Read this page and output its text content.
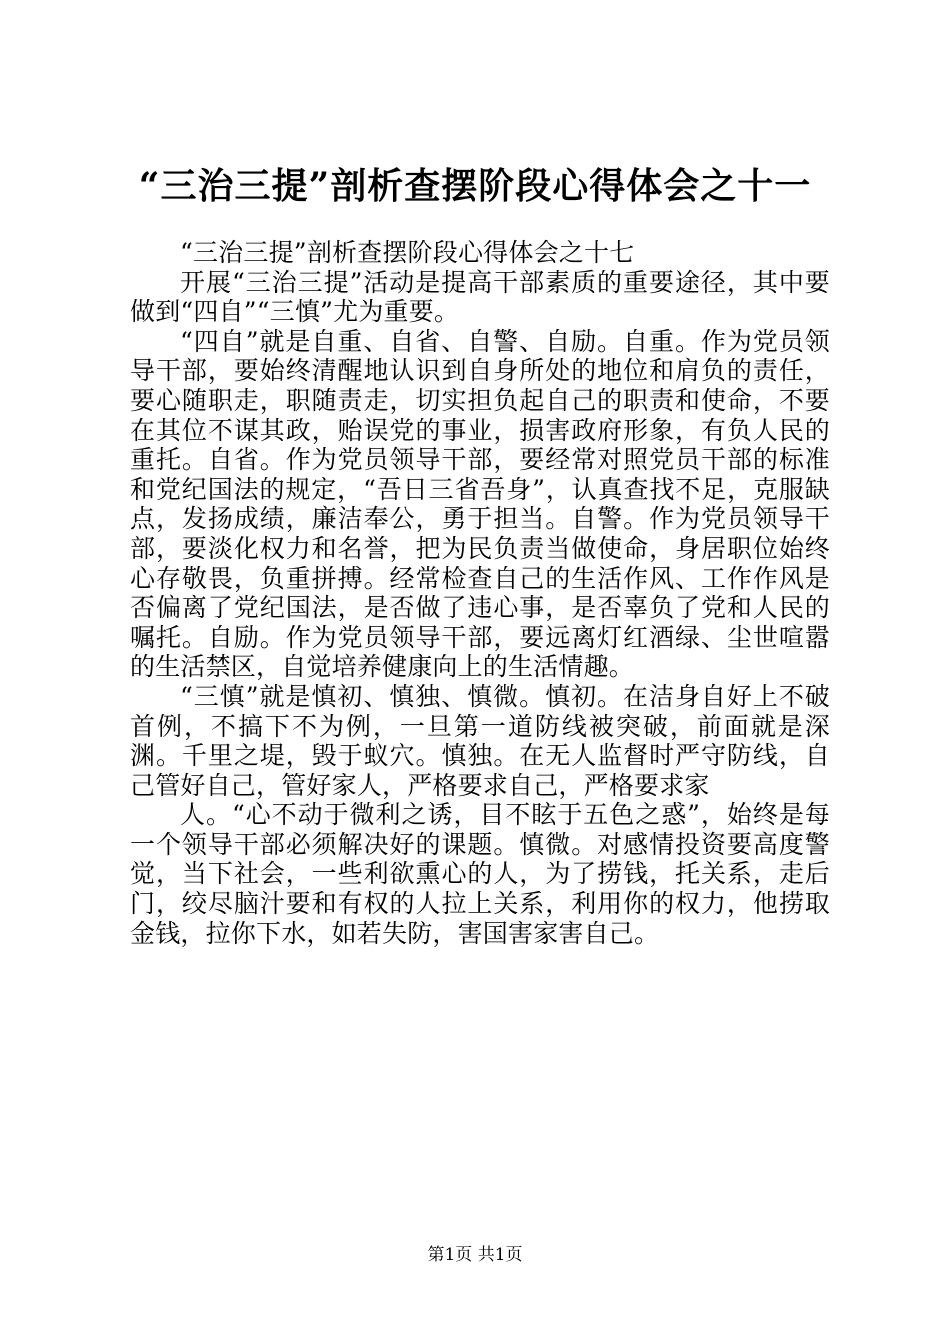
“三治三提”剖析查摆阶段心得体会之十一

“三治三提”剖析查摆阶段心得体会之十七

开展“三治三提”活动是提高干部素质的重要途径，其中要做到“四自”“三慎”尤为重要。

“四自”就是自重、自省、自警、自励。自重。作为党员领导干部，要始终清醒地认识到自身所处的地位和肩负的责任，要心随职走，职随责走，切实担负起自己的职责和使命，不要在其位不谋其政，贻误党的事业，损害政府形象，有负人民的重托。自省。作为党员领导干部，要经常对照党员干部的标准和党纪国法的规定，“吾日三省吾身”，认真查找不足，克服缺点，发扬成绩，廉洁奉公，勇于担当。自警。作为党员领导干部，要淡化权力和名誉，把为民负责当做使命，身居职位始终心存敬畏，负重拼搏。经常检查自己的生活作风、工作作风是否偏离了党纪国法，是否做了违心事，是否辜负了党和人民的嘱托。自励。作为党员领导干部，要远离灯红酒绿、尘世喧嚣的生活禁区，自觉培养健康向上的生活情趣。

“三慎”就是慎初、慎独、慎微。慎初。在洁身自好上不破首例，不搞下不为例，一旦第一道防线被突破，前面就是深渊。千里之堤，毁于蚁穴。慎独。在无人监督时严守防线，自己管好自己，管好家人，严格要求自己，严格要求家

人。“心不动于微利之诱，目不眩于五色之惑”，始终是每一个领导干部必须解决好的课题。慎微。对感情投资要高度警觉，当下社会，一些利欲熏心的人，为了捞钱，托关系，走后门，绞尽脑汁要和有权的人拉上关系，利用你的权力，他捞取金钱，拉你下水，如若失防，害国害家害自己。

第1页 共1页
